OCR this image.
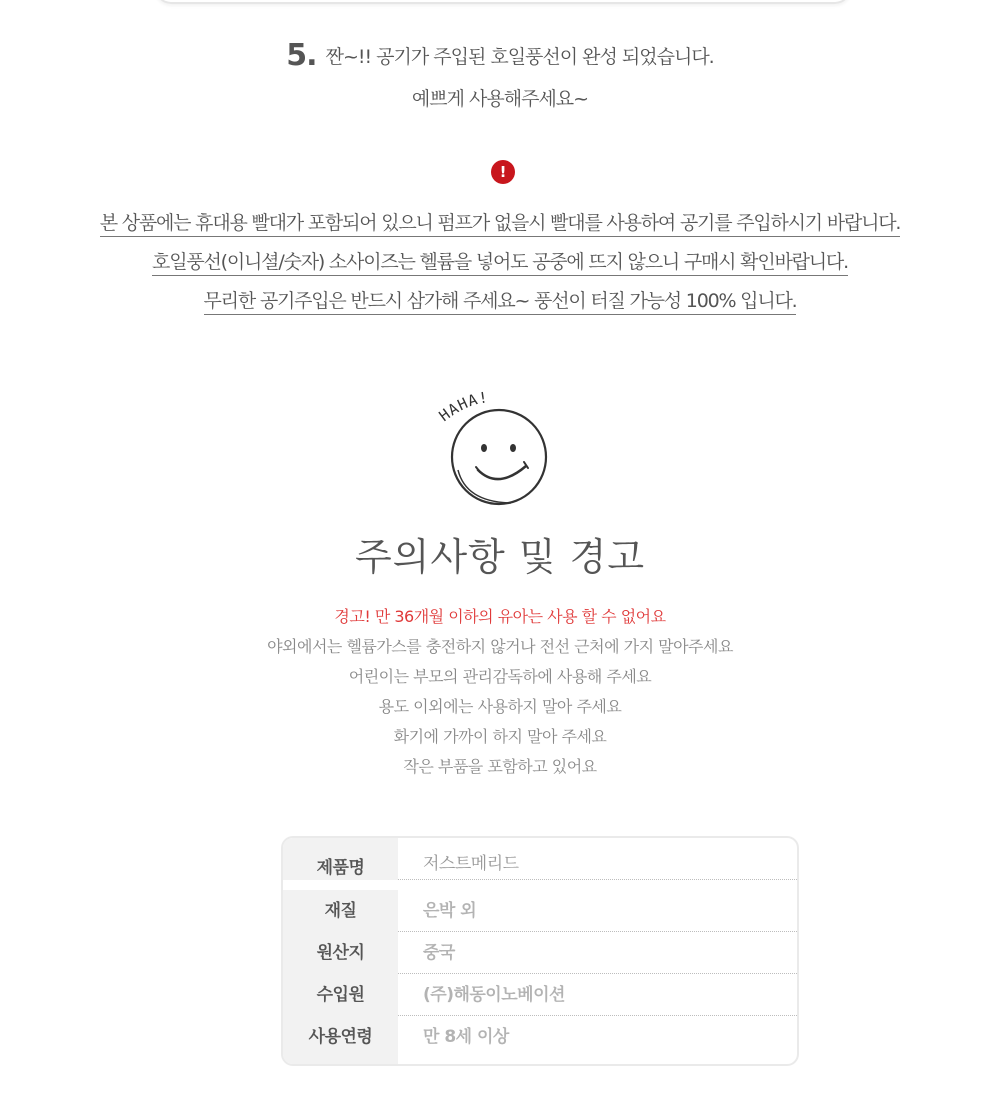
5. 짠~!! 공기가 주입된 호일풍선이 완성 되었습니다.
예쁘게 사용해주세요~
!
본 상품에는 휴대용 빨대가 포함되어 있으니 펌프가 없을시 빨대를 사용하여 공기를 주입하시기 바랍니다.
호일풍선(이니셜/숫자) 소사이즈는 헬륨을 넣어도 공중에 뜨지 않으니 구매시 확인바랍니다.
무리한 공기주입은 반드시 삼가해 주세요~ 풍선이 터질 가능성 100% 입니다.
HAHA!
주의사항 및 경고
경고! 만 36개월 이하의 유아는 사용 할 수 없어요
야외에서는 헬륨가스를 충전하지 않거나 전선 근처에 가지 말아주세요
어린이는 부모의 관리감독하에 사용해 주세요
용도 이외에는 사용하지 말아 주세요
화기에 가까이 하지 말아 주세요
작은 부품을 포함하고 있어요
제품명	저스트메리드
재질	은박 외
원산지	중국
수입원	(주)해동이노베이션
사용연령	만 8세 이상
